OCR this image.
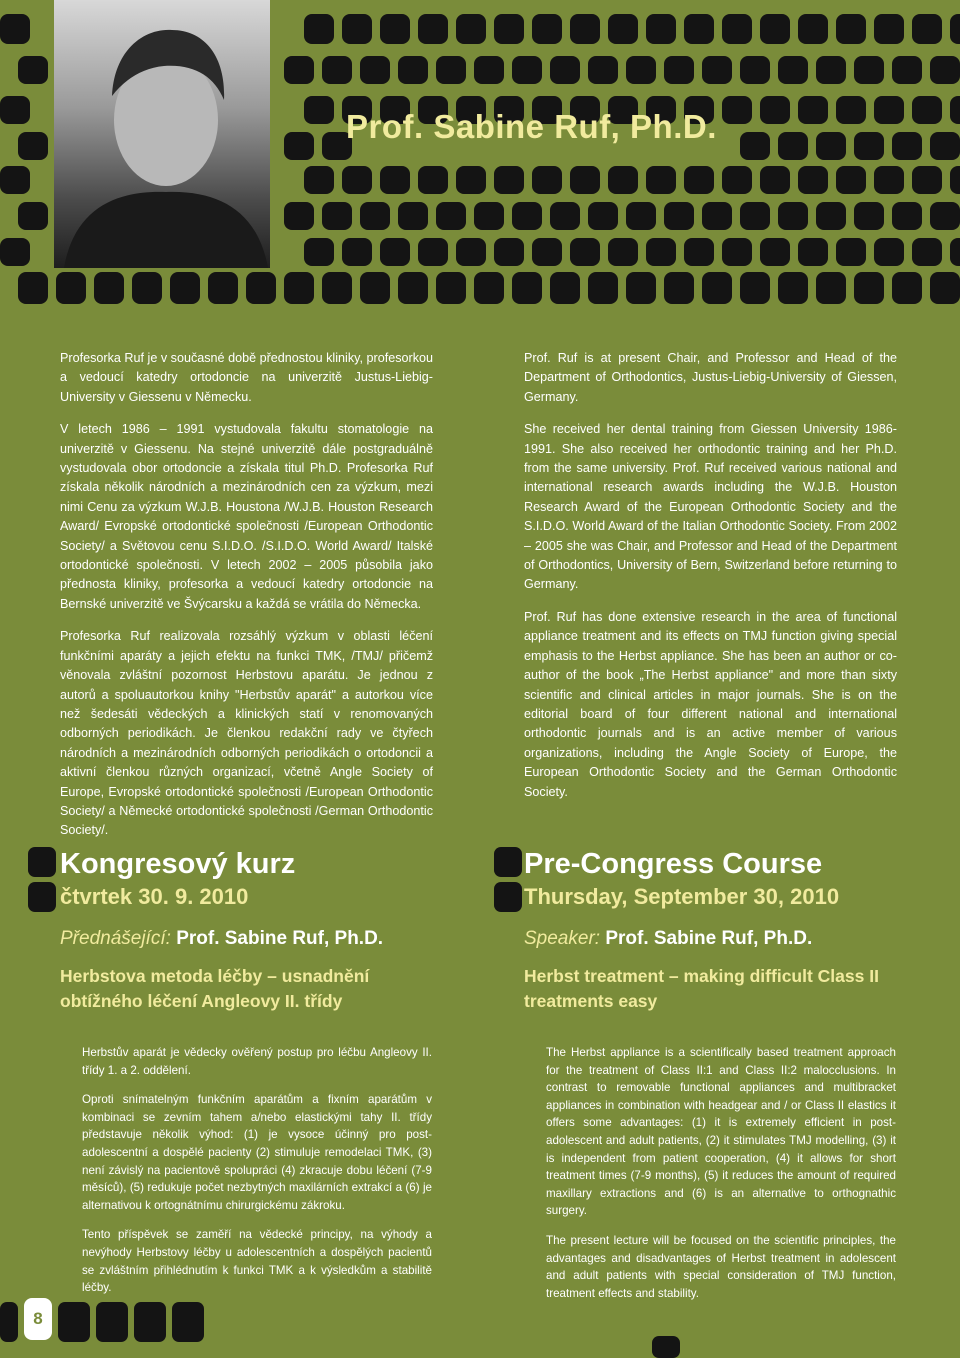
Prof. Sabine Ruf, Ph.D.

Profesorka Ruf je v současné době přednostou kliniky, profesorkou a vedoucí katedry ortodoncie na univerzitě Justus-Liebig-University v Giessenu v Německu.

V letech 1986 – 1991 vystudovala fakultu stomatologie na univerzitě v Giessenu. Na stejné univerzitě dále postgraduálně vystudovala obor ortodoncie a získala titul Ph.D. Profesorka Ruf získala několik národních a mezinárodních cen za výzkum, mezi nimi Cenu za výzkum W.J.B. Houstona /W.J.B. Houston Research Award/ Evropské ortodontické společnosti /European Orthodontic Society/ a Světovou cenu S.I.D.O. /S.I.D.O. World Award/ Italské ortodontické společnosti. V letech 2002 – 2005 působila jako přednosta kliniky, profesorka a vedoucí katedry ortodoncie na Bernské univerzitě ve Švýcarsku a každá se vrátila do Německa.

Profesorka Ruf realizovala rozsáhlý výzkum v oblasti léčení funkčními aparáty a jejich efektu na funkci TMK, /TMJ/ přičemž věnovala zvláštní pozornost Herbstovu aparátu. Je jednou z autorů a spoluautorkou knihy "Herbstův aparát" a autorkou více než šedesáti vědeckých a klinických statí v renomovaných odborných periodikách. Je členkou redakční rady ve čtyřech národních a mezinárodních odborných periodikách o ortodoncii a aktivní členkou různých organizací, včetně Angle Society of Europe, Evropské ortodontické společnosti /European Orthodontic Society/ a Německé ortodontické společnosti /German Orthodontic Society/.

Prof. Ruf is at present Chair, and Professor and Head of the Department of Orthodontics, Justus-Liebig-University of Giessen, Germany.

She received her dental training from Giessen University 1986-1991. She also received her orthodontic training and her Ph.D. from the same university. Prof. Ruf received various national and international research awards including the W.J.B. Houston Research Award of the European Orthodontic Society and the S.I.D.O. World Award of the Italian Orthodontic Society. From 2002 – 2005 she was Chair, and Professor and Head of the Department of Orthodontics, University of Bern, Switzerland before returning to Germany.

Prof. Ruf has done extensive research in the area of functional appliance treatment and its effects on TMJ function giving special emphasis to the Herbst appliance. She has been an author or co-author of the book „The Herbst appliance" and more than sixty scientific and clinical articles in major journals. She is on the editorial board of four different national and international orthodontic journals and is an active member of various organizations, including the Angle Society of Europe, the European Orthodontic Society and the German Orthodontic Society.

Kongresový kurz

čtvrtek 30. 9. 2010

Přednášející: Prof. Sabine Ruf, Ph.D.

Herbstova metoda léčby – usnadnění obtížného léčení Angleovy II. třídy

Pre-Congress Course

Thursday, September 30, 2010

Speaker: Prof. Sabine Ruf, Ph.D.

Herbst treatment – making difficult Class II treatments easy

Herbstův aparát je vědecky ověřený postup pro léčbu Angleovy II. třídy 1. a 2. oddělení.

Oproti snímatelným funkčním aparátům a fixním aparátům v kombinaci se zevním tahem a/nebo elastickými tahy II. třídy představuje několik výhod: (1) je vysoce účinný pro post-adolescentní a dospělé pacienty (2) stimuluje remodelaci TMK, (3) není závislý na pacientově spolupráci (4) zkracuje dobu léčení (7-9 měsíců), (5) redukuje počet nezbytných maxilárních extrakcí a (6) je alternativou k ortognátnímu chirurgickému zákroku.

Tento příspěvek se zaměří na vědecké principy, na výhody a nevýhody Herbstovy léčby u adolescentních a dospělých pacientů se zvláštním přihlédnutím k funkci TMK a k výsledkům a stabilitě léčby.

The Herbst appliance is a scientifically based treatment approach for the treatment of Class II:1 and Class II:2 malocclusions. In contrast to removable functional appliances and multibracket appliances in combination with headgear and / or Class II elastics it offers some advantages: (1) it is extremely efficient in post-adolescent and adult patients, (2) it stimulates TMJ modelling, (3) it is independent from patient cooperation, (4) it allows for short treatment times (7-9 months), (5) it reduces the amount of required maxillary extractions and (6) is an alternative to orthognathic surgery.

The present lecture will be focused on the scientific principles, the advantages and disadvantages of Herbst treatment in adolescent and adult patients with special consideration of TMJ function, treatment effects and stability.

8
